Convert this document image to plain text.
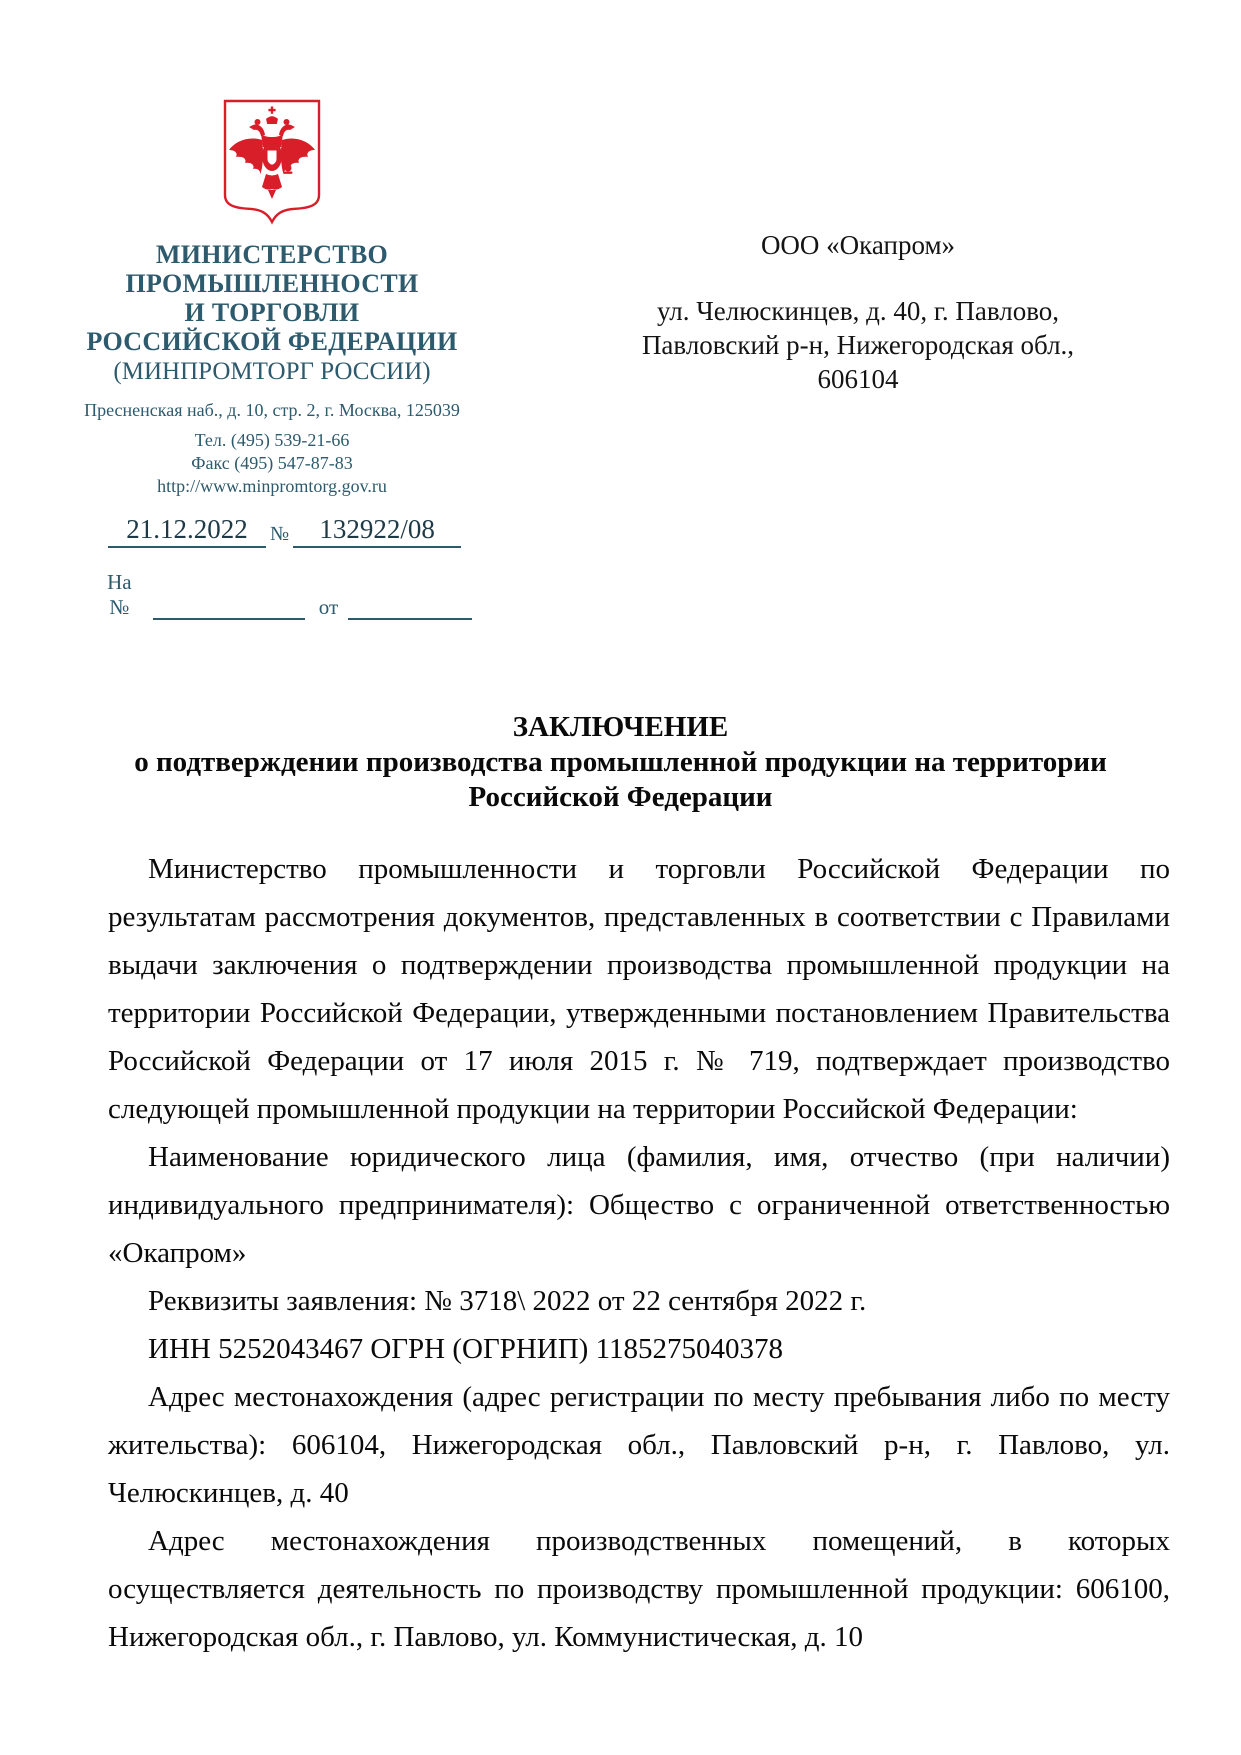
МИНИСТЕРСТВО
ПРОМЫШЛЕННОСТИ
И ТОРГОВЛИ
РОССИЙСКОЙ ФЕДЕРАЦИИ
(МИНПРОМТОРГ РОССИИ)
Пресненская наб., д. 10, стр. 2, г. Москва, 125039
Тел. (495) 539-21-66
Факс (495) 547-87-83
http://www.minpromtorg.gov.ru
21.12.2022	№	132922/08
На №	от
ООО «Окапром»
ул. Челюскинцев, д. 40, г. Павлово,
Павловский р-н, Нижегородская обл.,
606104
ЗАКЛЮЧЕНИЕ
о подтверждении производства промышленной продукции на территории Российской Федерации

Министерство промышленности и торговли Российской Федерации по результатам рассмотрения документов, представленных в соответствии с Правилами выдачи заключения о подтверждении производства промышленной продукции на территории Российской Федерации, утвержденными постановлением Правительства Российской Федерации от 17 июля 2015 г. № 719, подтверждает производство следующей промышленной продукции на территории Российской Федерации:

Наименование юридического лица (фамилия, имя, отчество (при наличии) индивидуального предпринимателя): Общество с ограниченной ответственностью «Окапром»

Реквизиты заявления: № 3718\ 2022 от 22 сентября 2022 г.

ИНН 5252043467 ОГРН (ОГРНИП) 1185275040378

Адрес местонахождения (адрес регистрации по месту пребывания либо по месту жительства): 606104, Нижегородская обл., Павловский р-н, г. Павлово, ул. Челюскинцев, д. 40

Адрес местонахождения производственных помещений, в которых осуществляется деятельность по производству промышленной продукции: 606100, Нижегородская обл., г. Павлово, ул. Коммунистическая, д. 10
